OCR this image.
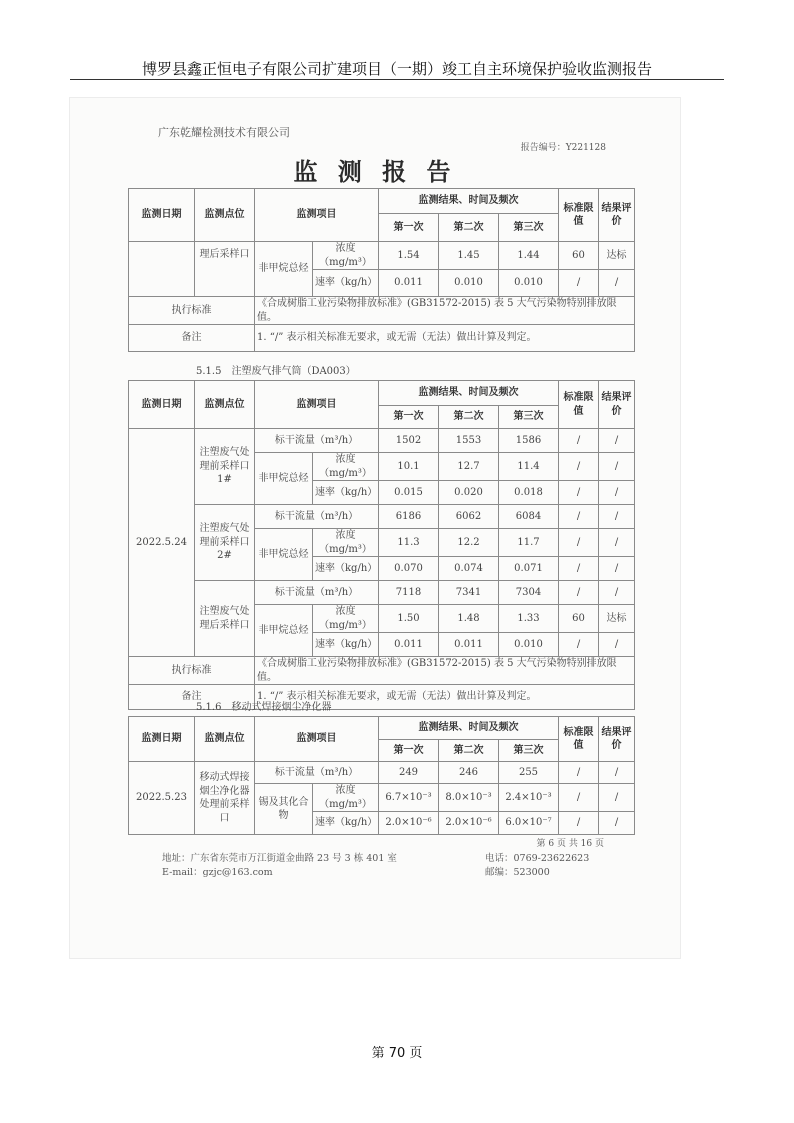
博罗县鑫正恒电子有限公司扩建项目（一期）竣工自主环境保护验收监测报告
广东乾耀检测技术有限公司
报告编号：Y221128
监 测 报 告
监测日期	监测点位	监测项目		监测结果、时间及频次			标准限值	结果评价
				第一次	第二次	第三次		
	理后采样口	非甲烷总烃	浓度（mg/m³）	1.54	1.45	1.44	60	达标
			速率（kg/h）	0.011	0.010	0.010	/	/
执行标准		《合成树脂工业污染物排放标准》(GB31572-2015) 表 5 大气污染物特别排放限值。						
备注		1. “/” 表示相关标准无要求，或无需（无法）做出计算及判定。						
5.1.5　注塑废气排气筒（DA003）
监测日期	监测点位	监测项目		监测结果、时间及频次			标准限值	结果评价
				第一次	第二次	第三次		
2022.5.24	注塑废气处理前采样口1#	标干流量（m³/h）		1502	1553	1586	/	/
		非甲烷总烃	浓度（mg/m³）	10.1	12.7	11.4	/	/
			速率（kg/h）	0.015	0.020	0.018	/	/
	注塑废气处理前采样口2#	标干流量（m³/h）		6186	6062	6084	/	/
		非甲烷总烃	浓度（mg/m³）	11.3	12.2	11.7	/	/
			速率（kg/h）	0.070	0.074	0.071	/	/
	注塑废气处理后采样口	标干流量（m³/h）		7118	7341	7304	/	/
		非甲烷总烃	浓度（mg/m³）	1.50	1.48	1.33	60	达标
			速率（kg/h）	0.011	0.011	0.010	/	/
执行标准		《合成树脂工业污染物排放标准》(GB31572-2015) 表 5 大气污染物特别排放限值。						
备注		1. “/” 表示相关标准无要求，或无需（无法）做出计算及判定。						
5.1.6　移动式焊接烟尘净化器
监测日期	监测点位	监测项目		监测结果、时间及频次			标准限值	结果评价
				第一次	第二次	第三次		
2022.5.23	移动式焊接烟尘净化器处理前采样口	标干流量（m³/h）		249	246	255	/	/
		锡及其化合物	浓度（mg/m³）	6.7×10⁻³	8.0×10⁻³	2.4×10⁻³	/	/
			速率（kg/h）	2.0×10⁻⁶	2.0×10⁻⁶	6.0×10⁻⁷	/	/
第 6 页 共 16 页
地址：广东省东莞市万江街道金曲路 23 号 3 栋 401 室	电话：0769-23622623
E-mail：gzjc@163.com	邮编：523000
第 70 页
